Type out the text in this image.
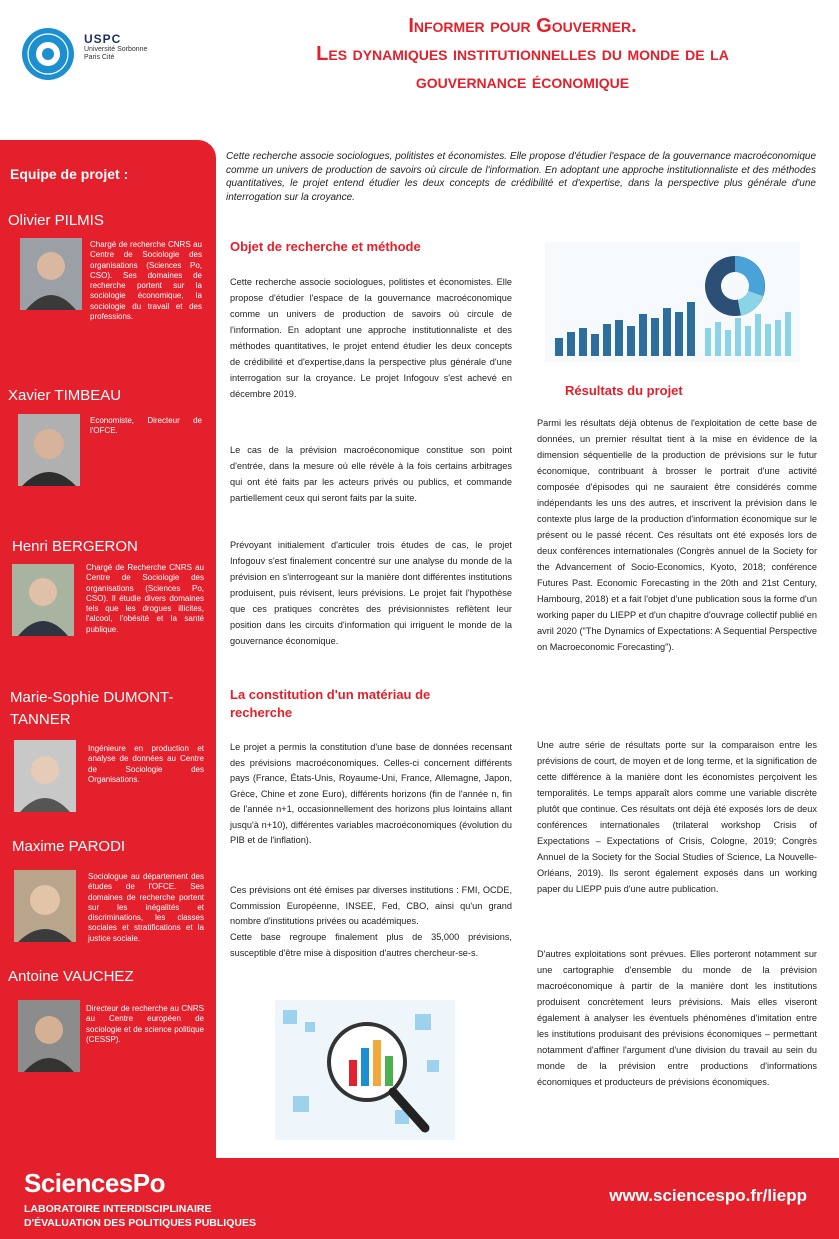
USPC
Université Sorbonne
Paris Cité
Informer pour Gouverner.
Les dynamiques institutionnelles du monde de la
gouvernance économique
Equipe de projet :
Olivier PILMIS
Chargé de recherche CNRS au Centre de Sociologie des organisations (Sciences Po, CSO). Ses domaines de recherche portent sur la sociologie économique, la sociologie du travail et des professions.
Xavier TIMBEAU
Economiste, Directeur de l'OFCE.
Henri BERGERON
Chargé de Recherche CNRS au Centre de Sociologie des organisations (Sciences Po, CSO). Il étudie divers domaines tels que les drogues illicites, l'alcool, l'obésité et la santé publique.
Marie-Sophie DUMONT-TANNER
Ingénieure en production et analyse de données au Centre de Sociologie des Organisations.
Maxime PARODI
Sociologue au département des études de l'OFCE. Ses domaines de recherche portent sur les inégalités et discriminations, les classes sociales et stratifications et la justice sociale.
Antoine VAUCHEZ
Directeur de recherche au CNRS au Centre européen de sociologie et de science politique (CESSP).
Cette recherche associe sociologues, politistes et économistes. Elle propose d'étudier l'espace de la gouvernance macroéconomique comme un univers de production de savoirs où circule de l'information. En adoptant une approche institutionnaliste et des méthodes quantitatives, le projet entend étudier les deux concepts de crédibilité et d'expertise, dans la perspective plus générale d'une interrogation sur la croyance.
Objet de recherche et méthode
Cette recherche associe sociologues, politistes et économistes. Elle propose d'étudier l'espace de la gouvernance macroéconomique comme un univers de production de savoirs où circule de l'information. En adoptant une approche institutionnaliste et des méthodes quantitatives, le projet entend étudier les deux concepts de crédibilité et d'expertise,dans la perspective plus générale d'une interrogation sur la croyance. Le projet Infogouv s'est achevé en décembre 2019.
Le cas de la prévision macroéconomique constitue son point d'entrée, dans la mesure où elle révèle à la fois certains arbitrages qui ont été faits par les acteurs privés ou publics, et commande partiellement ceux qui seront faits par la suite.
Prévoyant initialement d'articuler trois études de cas, le projet Infogouv s'est finalement concentré sur une analyse du monde de la prévision en s'interrogeant sur la manière dont différentes institutions produisent, puis révisent, leurs prévisions. Le projet fait l'hypothèse que ces pratiques concrètes des prévisionnistes reflètent leur position dans les circuits d'information qui irriguent le monde de la gouvernance économique.
La constitution d'un matériau de
recherche
Le projet a permis la constitution d'une base de données recensant des prévisions macroéconomiques. Celles-ci concernent différents pays (France, États-Unis, Royaume-Uni, France, Allemagne, Japon, Grèce, Chine et zone Euro), différents horizons (fin de l'année n, fin de l'année n+1, occasionnellement des horizons plus lointains allant jusqu'à n+10), différentes variables macroéconomiques (évolution du PIB et de l'inflation).
Ces prévisions ont été émises par diverses institutions : FMI, OCDE, Commission Européenne, INSEE, Fed, CBO, ainsi qu'un grand nombre d'institutions privées ou académiques.
Cette base regroupe finalement plus de 35,000 prévisions, susceptible d'être mise à disposition d'autres chercheur-se-s.
Résultats du projet
Parmi les résultats déjà obtenus de l'exploitation de cette base de données, un premier résultat tient à la mise en évidence de la dimension séquentielle de la production de prévisions sur le futur économique, contribuant à brosser le portrait d'une activité composée d'épisodes qui ne sauraient être considérés comme indépendants les uns des autres, et inscrivent la prévision dans le contexte plus large de la production d'information économique sur le présent ou le passé récent. Ces résultats ont été exposés lors de deux conférences internationales (Congrès annuel de la Society for the Advancement of Socio-Economics, Kyoto, 2018; conférence Futures Past. Economic Forecasting in the 20th and 21st Century, Hambourg, 2018) et a fait l'objet d'une publication sous la forme d'un working paper du LIEPP et d'un chapitre d'ouvrage collectif publié en avril 2020 ("The Dynamics of Expectations: A Sequential Perspective on Macroeconomic Forecasting").
Une autre série de résultats porte sur la comparaison entre les prévisions de court, de moyen et de long terme, et la signification de cette différence à la manière dont les économistes perçoivent les temporalités. Le temps apparaît alors comme une variable discrète plutôt que continue. Ces résultats ont déjà été exposés lors de deux conférences internationales (trilateral workshop Crisis of Expectations – Expectations of Crisis, Cologne, 2019; Congrès Annuel de la Society for the Social Studies of Science, La Nouvelle-Orléans, 2019). Ils seront également exposés dans un working paper du LIEPP puis d'une autre publication.
D'autres exploitations sont prévues. Elles porteront notamment sur une cartographie d'ensemble du monde de la prévision macroéconomique à partir de la manière dont les institutions produisent concrètement leurs prévisions. Mais elles viseront également à analyser les éventuels phénomènes d'imitation entre les institutions produisant des prévisions économiques – permettant notamment d'affiner l'argument d'une division du travail au sein du monde de la prévision entre productions d'informations économiques et producteurs de prévisions économiques.
SciencesPo
LABORATOIRE INTERDISCIPLINAIRE
D'ÉVALUATION DES POLITIQUES PUBLIQUES
www.sciencespo.fr/liepp
